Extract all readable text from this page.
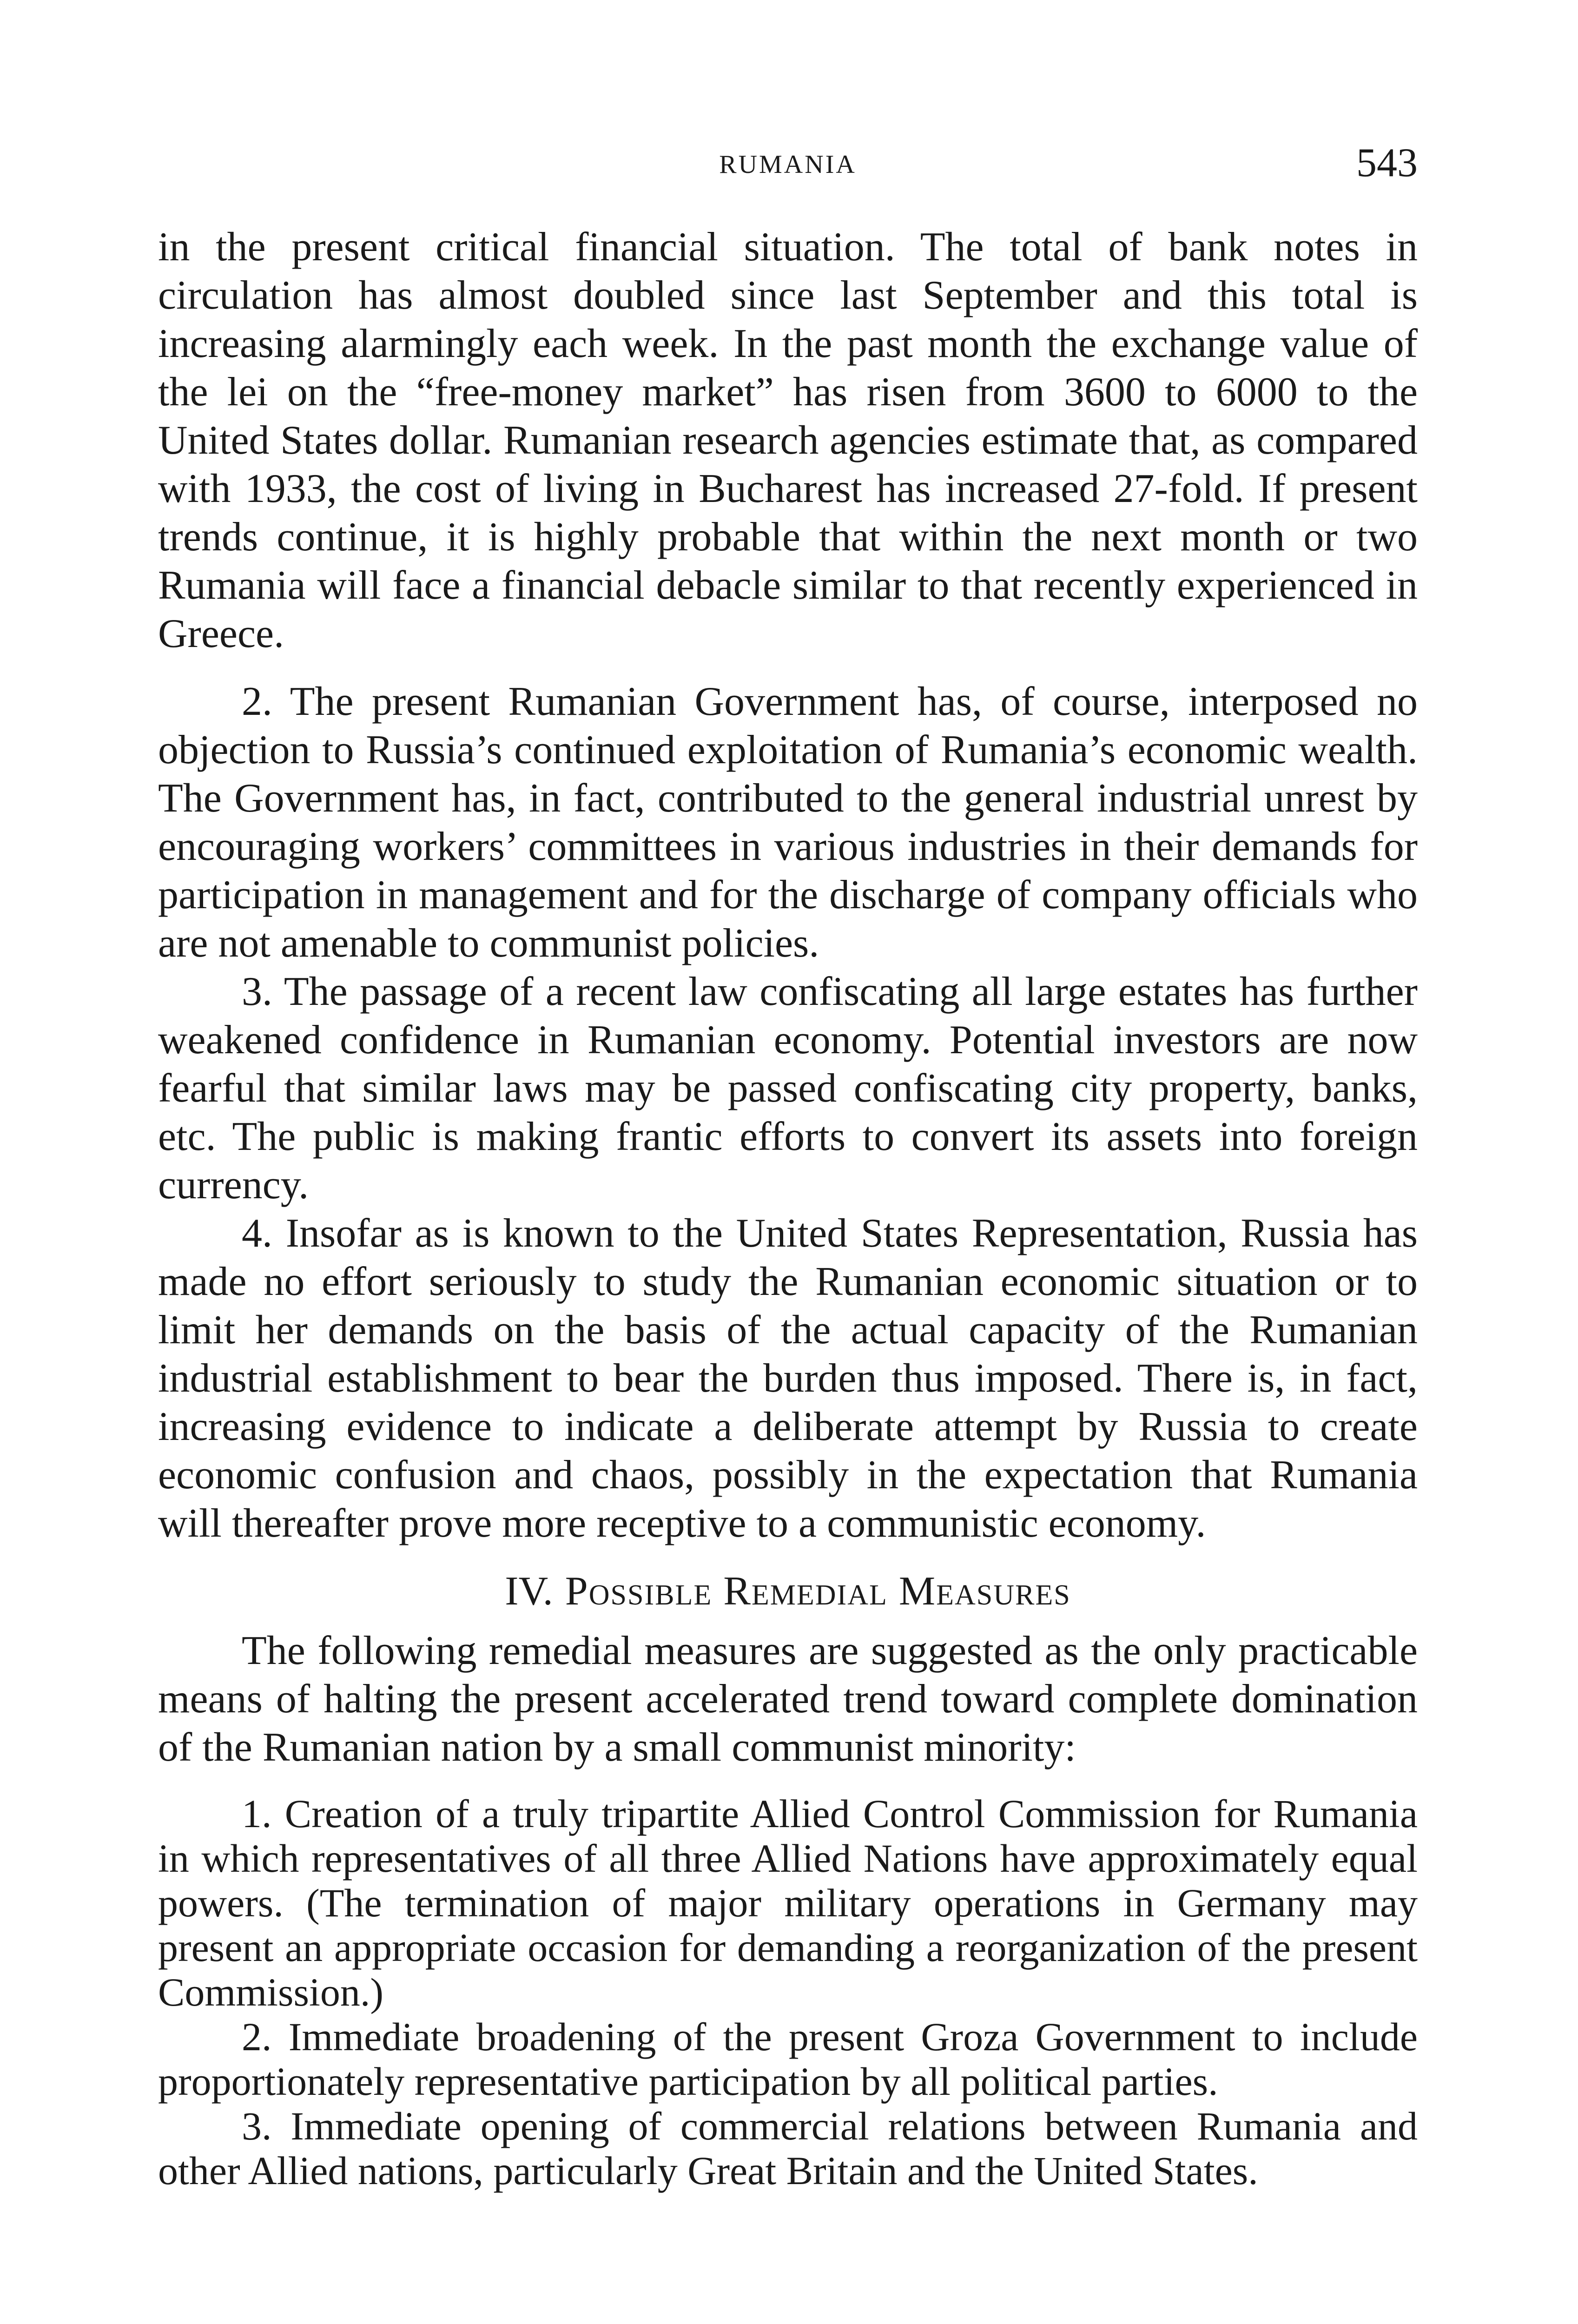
RUMANIA	543

in the present critical financial situation. The total of bank notes in circulation has almost doubled since last September and this total is increasing alarmingly each week. In the past month the exchange value of the lei on the “free-money market” has risen from 3600 to 6000 to the United States dollar. Rumanian research agencies estimate that, as compared with 1933, the cost of living in Bucharest has increased 27-fold. If present trends continue, it is highly probable that within the next month or two Rumania will face a financial debacle similar to that recently experienced in Greece.

2. The present Rumanian Government has, of course, interposed no objection to Russia’s continued exploitation of Rumania’s economic wealth. The Government has, in fact, contributed to the general industrial unrest by encouraging workers’ committees in various industries in their demands for participation in management and for the discharge of company officials who are not amenable to communist policies.

3. The passage of a recent law confiscating all large estates has further weakened confidence in Rumanian economy. Potential investors are now fearful that similar laws may be passed confiscating city property, banks, etc. The public is making frantic efforts to convert its assets into foreign currency.

4. Insofar as is known to the United States Representation, Russia has made no effort seriously to study the Rumanian economic situation or to limit her demands on the basis of the actual capacity of the Rumanian industrial establishment to bear the burden thus imposed. There is, in fact, increasing evidence to indicate a deliberate attempt by Russia to create economic confusion and chaos, possibly in the expectation that Rumania will thereafter prove more receptive to a communistic economy.

IV. Possible Remedial Measures

The following remedial measures are suggested as the only practicable means of halting the present accelerated trend toward complete domination of the Rumanian nation by a small communist minority:

1. Creation of a truly tripartite Allied Control Commission for Rumania in which representatives of all three Allied Nations have approximately equal powers. (The termination of major military operations in Germany may present an appropriate occasion for demanding a reorganization of the present Commission.)

2. Immediate broadening of the present Groza Government to include proportionately representative participation by all political parties.

3. Immediate opening of commercial relations between Rumania and other Allied nations, particularly Great Britain and the United States.
